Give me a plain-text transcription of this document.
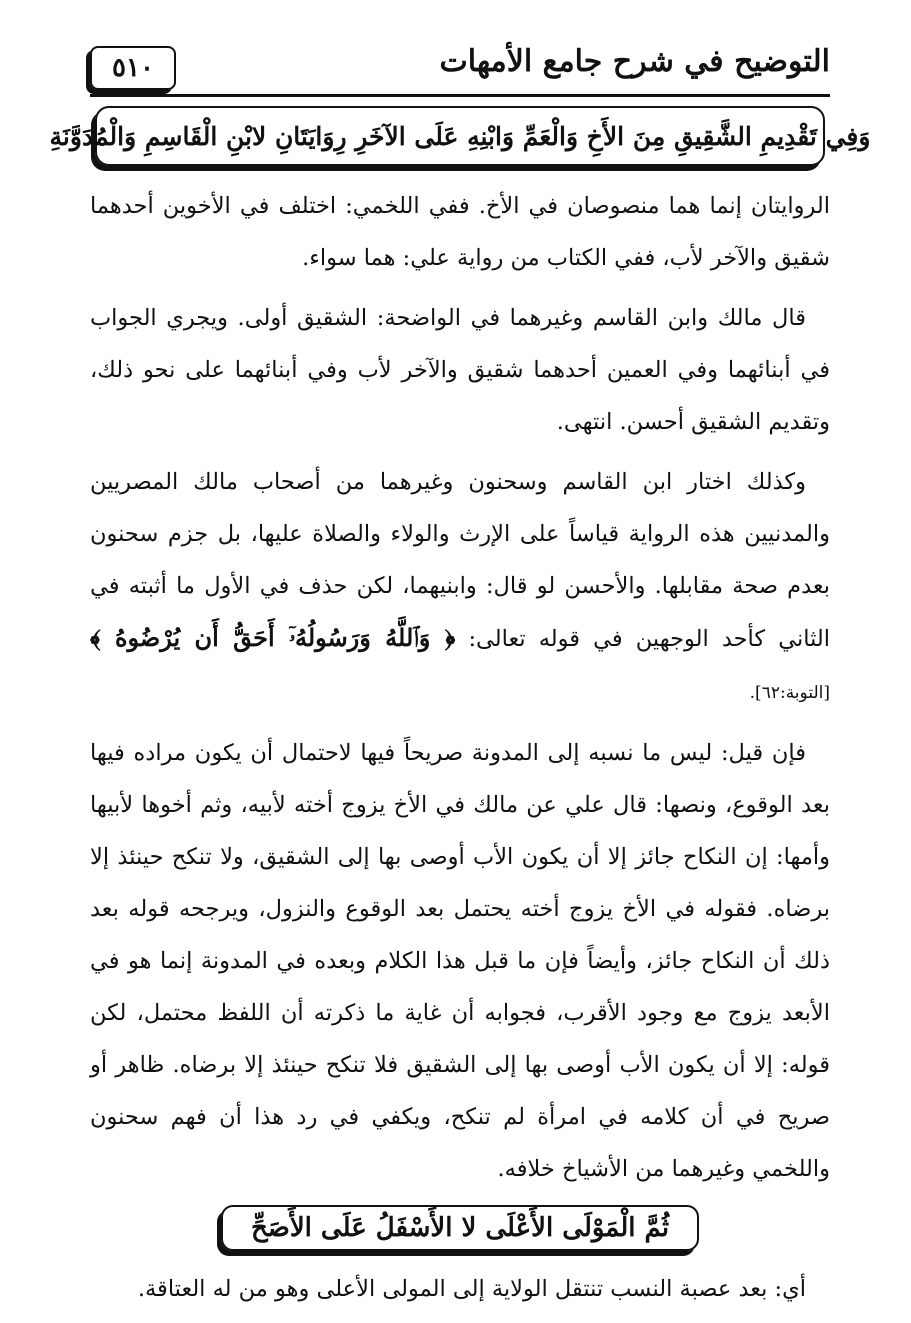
التوضيح في شرح جامع الأمهات
٥١٠
وَفِي تَقْدِيمِ الشَّقِيقِ مِنَ الأَخِ وَالْعَمِّ وَابْنِهِ عَلَى الآخَرِ رِوَايَتَانِ لابْنِ الْقَاسِمِ وَالْمُدَوَّنَةِ

الروايتان إنما هما منصوصان في الأخ. ففي اللخمي: اختلف في الأخوين أحدهما شقيق والآخر لأب، ففي الكتاب من رواية علي: هما سواء.

قال مالك وابن القاسم وغيرهما في الواضحة: الشقيق أولى. ويجري الجواب في أبنائهما وفي العمين أحدهما شقيق والآخر لأب وفي أبنائهما على نحو ذلك، وتقديم الشقيق أحسن. انتهى.

وكذلك اختار ابن القاسم وسحنون وغيرهما من أصحاب مالك المصريين والمدنيين هذه الرواية قياساً على الإرث والولاء والصلاة عليها، بل جزم سحنون بعدم صحة مقابلها. والأحسن لو قال: وابنيهما، لكن حذف في الأول ما أثبته في الثاني كأحد الوجهين في قوله تعالى: ﴿ وَٱللَّهُ وَرَسُولُهُۥٓ أَحَقُّ أَن يُرْضُوهُ ﴾ [التوبة:٦٢].

فإن قيل: ليس ما نسبه إلى المدونة صريحاً فيها لاحتمال أن يكون مراده فيها بعد الوقوع، ونصها: قال علي عن مالك في الأخ يزوج أخته لأبيه، وثم أخوها لأبيها وأمها: إن النكاح جائز إلا أن يكون الأب أوصى بها إلى الشقيق، ولا تنكح حينئذ إلا برضاه. فقوله في الأخ يزوج أخته يحتمل بعد الوقوع والنزول، ويرجحه قوله بعد ذلك أن النكاح جائز، وأيضاً فإن ما قبل هذا الكلام وبعده في المدونة إنما هو في الأبعد يزوج مع وجود الأقرب، فجوابه أن غاية ما ذكرته أن اللفظ محتمل، لكن قوله: إلا أن يكون الأب أوصى بها إلى الشقيق فلا تنكح حينئذ إلا برضاه. ظاهر أو صريح في أن كلامه في امرأة لم تنكح، ويكفي في رد هذا أن فهم سحنون واللخمي وغيرهما من الأشياخ خلافه.

ثُمَّ الْمَوْلَى الأَعْلَى لا الأَسْفَلُ عَلَى الأَصَحِّ

أي: بعد عصبة النسب تنتقل الولاية إلى المولى الأعلى وهو من له العتاقة.
